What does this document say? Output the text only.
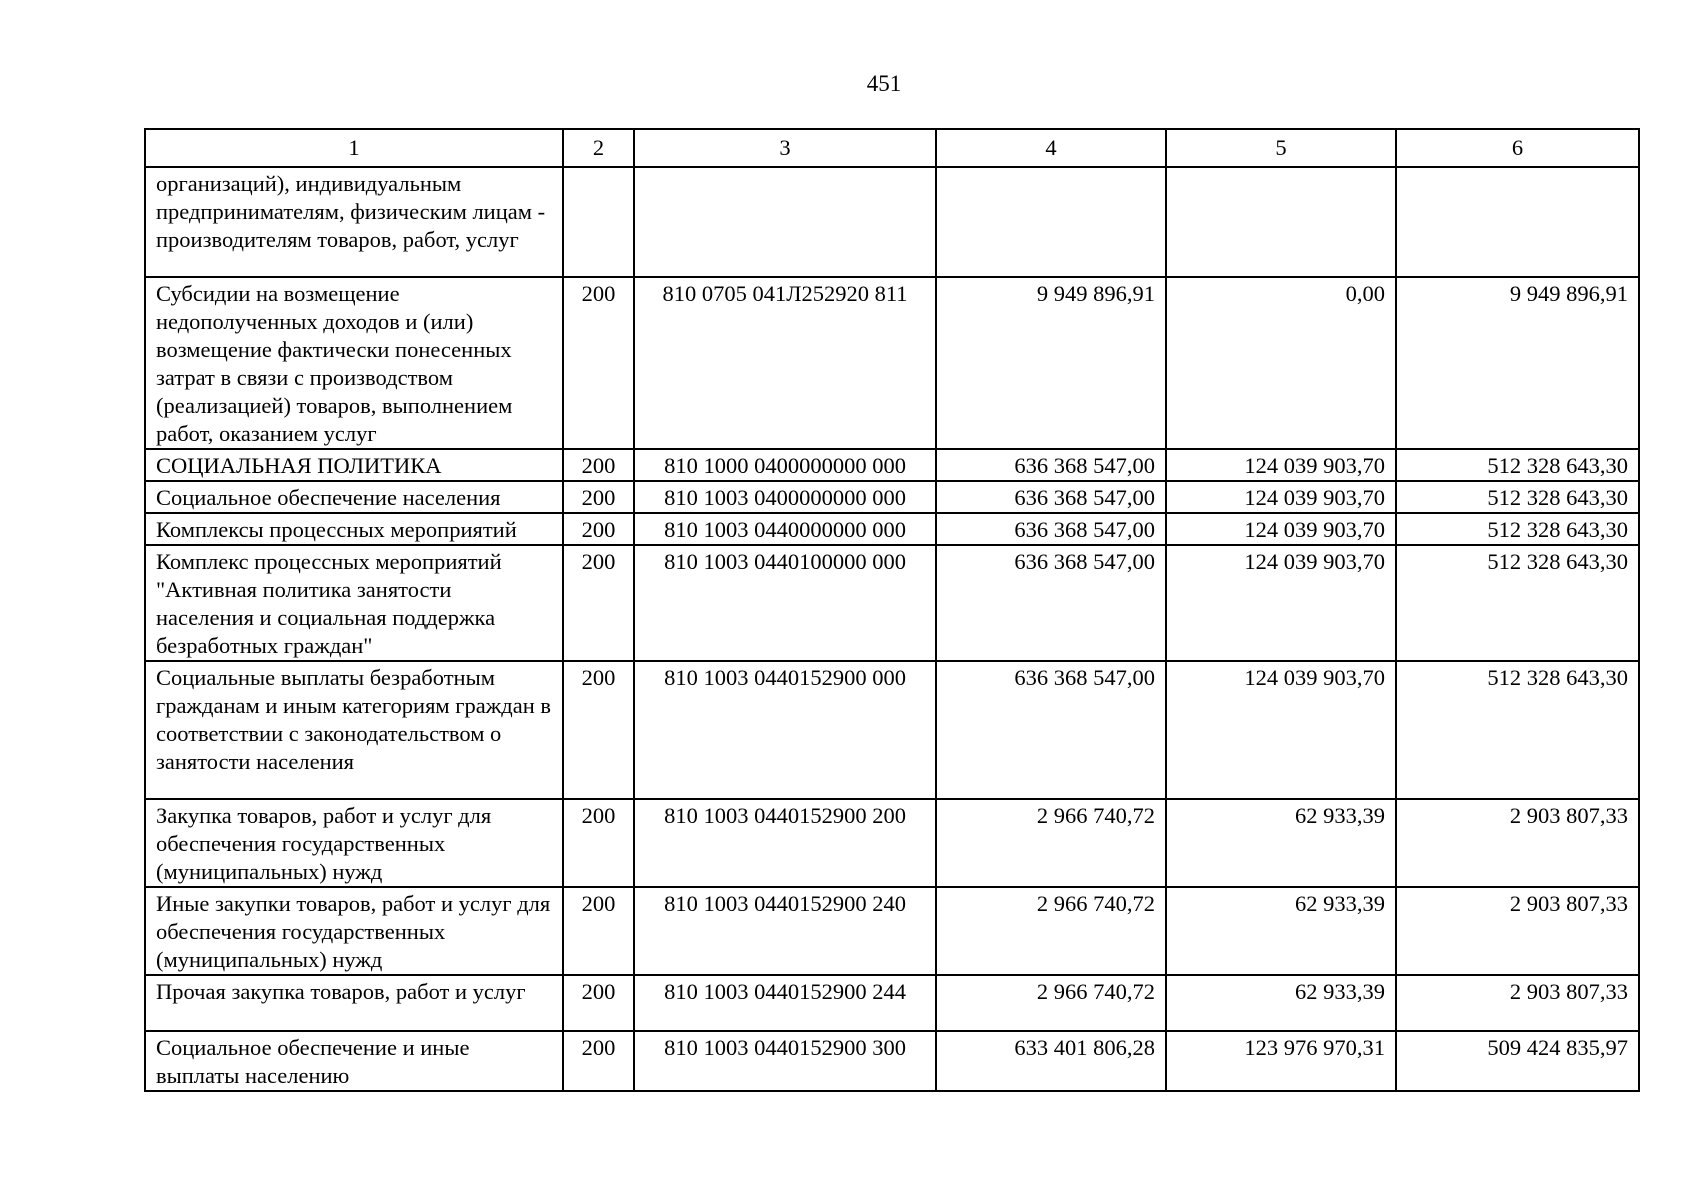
451
1	2	3	4	5	6
организаций), индивидуальным предпринимателям, физическим лицам - производителям товаров, работ, услуг					
Субсидии на возмещение недополученных доходов и (или) возмещение фактически понесенных затрат в связи с производством (реализацией) товаров, выполнением работ, оказанием услуг	200	810 0705 041Л252920 811	9 949 896,91	0,00	9 949 896,91
СОЦИАЛЬНАЯ ПОЛИТИКА	200	810 1000 0400000000 000	636 368 547,00	124 039 903,70	512 328 643,30
Социальное обеспечение населения	200	810 1003 0400000000 000	636 368 547,00	124 039 903,70	512 328 643,30
Комплексы процессных мероприятий	200	810 1003 0440000000 000	636 368 547,00	124 039 903,70	512 328 643,30
Комплекс процессных мероприятий "Активная политика занятости населения и социальная поддержка безработных граждан"	200	810 1003 0440100000 000	636 368 547,00	124 039 903,70	512 328 643,30
Социальные выплаты безработным гражданам и иным категориям граждан в соответствии с законодательством о занятости населения	200	810 1003 0440152900 000	636 368 547,00	124 039 903,70	512 328 643,30
Закупка товаров, работ и услуг для обеспечения государственных (муниципальных) нужд	200	810 1003 0440152900 200	2 966 740,72	62 933,39	2 903 807,33
Иные закупки товаров, работ и услуг для обеспечения государственных (муниципальных) нужд	200	810 1003 0440152900 240	2 966 740,72	62 933,39	2 903 807,33
Прочая закупка товаров, работ и услуг	200	810 1003 0440152900 244	2 966 740,72	62 933,39	2 903 807,33
Социальное обеспечение и иные выплаты населению	200	810 1003 0440152900 300	633 401 806,28	123 976 970,31	509 424 835,97
